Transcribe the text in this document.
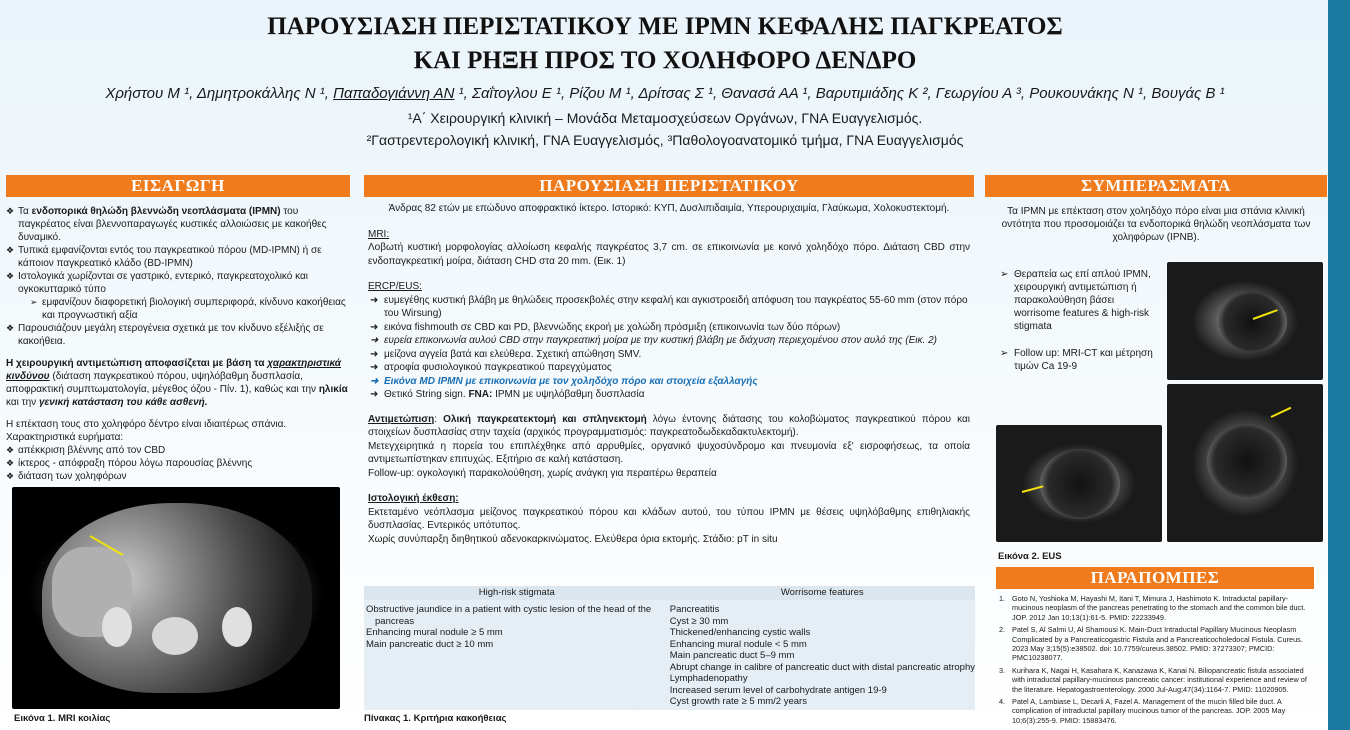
ΠΑΡΟΥΣΙΑΣΗ ΠΕΡΙΣΤΑΤΙΚΟΥ ΜΕ IPMN ΚΕΦΑΛΗΣ ΠΑΓΚΡΕΑΤΟΣ
ΚΑΙ ΡΗΞΗ ΠΡΟΣ ΤΟ ΧΟΛΗΦΟΡΟ ΔΕΝΔΡΟ
Χρήστου Μ ¹, Δημητροκάλλης Ν ¹, Παπαδογιάννη ΑΝ ¹, Σαΐτογλου Ε ¹, Ρίζου Μ ¹, Δρίτσας Σ ¹, Θανασά ΑΑ ¹, Βαρυτιμιάδης Κ ², Γεωργίου Α ³, Ρουκουνάκης Ν ¹, Βουγάς Β ¹
¹Α΄ Χειρουργική κλινική – Μονάδα Μεταμοσχεύσεων Οργάνων, ΓΝΑ Ευαγγελισμός.
²Γαστρεντερολογική κλινική, ΓΝΑ Ευαγγελισμός, ³Παθολογοανατομικό τμήμα, ΓΝΑ Ευαγγελισμός
ΕΙΣΑΓΩΓΗ
❖ Τα ενδοπορικά θηλώδη βλεννώδη νεοπλάσματα (IPMN) του παγκρέατος είναι βλεννοπαραγωγές κυστικές αλλοιώσεις με κακοήθες δυναμικό.
❖ Τυπικά εμφανίζονται εντός του παγκρεατικού πόρου (MD-IPMN) ή σε κάποιον παγκρεατικό κλάδο (BD-IPMN)
❖ Ιστολογικά χωρίζονται σε γαστρικό, εντερικό, παγκρεατοχολικό και ογκοκυτταρικό τύπο
➢ εμφανίζουν διαφορετική βιολογική συμπεριφορά, κίνδυνο κακοήθειας και προγνωστική αξία
❖ Παρουσιάζουν μεγάλη ετερογένεια σχετικά με τον κίνδυνο εξέλιξής σε κακοήθεια.

Η χειρουργική αντιμετώπιση αποφασίζεται με βάση τα χαρακτηριστικά κινδύνου (διάταση παγκρεατικού πόρου, υψηλόβαθμη δυσπλασία, αποφρακτική συμπτωματολογία, μέγεθος όζου - Πίν. 1), καθώς και την ηλικία και την γενική κατάσταση του κάθε ασθενή.

Η επέκταση τους στο χοληφόρο δέντρο είναι ιδιαιτέρως σπάνια.

Χαρακτηριστικά ευρήματα:

❖ απέκκριση βλέννης από τον CBD
❖ ίκτερος - απόφραξη πόρου λόγω παρουσίας βλέννης
❖ διάταση των χοληφόρων
Εικόνα 1. MRI κοιλίας
ΠΑΡΟΥΣΙΑΣΗ ΠΕΡΙΣΤΑΤΙΚΟΥ

Άνδρας 82 ετών με επώδυνο αποφρακτικό ίκτερο. Ιστορικό: ΚΥΠ, Δυσλιπιδαιμία, Υπερουριχαιμία, Γλαύκωμα, Χολοκυστεκτομή.

MRI:

Λοβωτή κυστική μορφολογίας αλλοίωση κεφαλής παγκρέατος 3,7 cm. σε επικοινωνία με κοινό χοληδόχο πόρο. Διάταση CBD στην ενδοπαγκρεατική μοίρα, διάταση CHD στα 20 mm. (Εικ. 1)

ERCP/EUS:

➜ ευμεγέθης κυστική βλάβη με θηλώδεις προσεκβολές στην κεφαλή και αγκιστροειδή απόφυση του παγκρέατος 55-60 mm (στον πόρο του Wirsung)
➜ εικόνα fishmouth σε CBD και PD, βλεννώδης εκροή με χολώδη πρόσμιξη (επικοινωνία των δύο πόρων)
➜ ευρεία επικοινωνία αυλού CBD στην παγκρεατική μοίρα με την κυστική βλάβη με διάχυση περιεχομένου στον αυλό της (Εικ. 2)
➜ μείζονα αγγεία βατά και ελεύθερα. Σχετική απώθηση SMV.
➜ ατροφία φυσιολογικού παγκρεατικού παρεγχύματος
➜ Εικόνα MD IPMN με επικοινωνία με τον χοληδόχο πόρο και στοιχεία εξαλλαγής
➜ Θετικό String sign. FNA: IPMN με υψηλόβαθμη δυσπλασία

Αντιμετώπιση: Ολική παγκρεατεκτομή και σπληνεκτομή λόγω έντονης διάτασης του κολοβώματος παγκρεατικού πόρου και στοιχείων δυσπλασίας στην ταχεία (αρχικός προγραμματισμός: παγκρεατοδωδεκαδακτυλεκτομή).

Μετεγχειρητικά η πορεία του επιπλέχθηκε από αρρυθμίες, οργανικό ψυχοσύνδρομο και πνευμονία εξ' εισροφήσεως, τα οποία αντιμετωπίστηκαν επιτυχώς. Εξιτήριο σε καλή κατάσταση.

Follow-up: ογκολογική παρακολούθηση, χωρίς ανάγκη για περαιτέρω θεραπεία

Ιστολογική έκθεση:

Εκτεταμένο νεόπλασμα μείζονος παγκρεατικού πόρου και κλάδων αυτού, του τύπου IPMN με θέσεις υψηλόβαθμης επιθηλιακής δυσπλασίας. Εντερικός υπότυπος.

Χωρίς συνύπαρξη διηθητικού αδενοκαρκινώματος. Ελεύθερα όρια εκτομής. Στάδιο: pT in situ

High-risk stigmata	Worrisome features
Obstructive jaundice in a patient with cystic lesion of the head of the
pancreas
Enhancing mural nodule ≥ 5 mm
Main pancreatic duct ≥ 10 mm
Pancreatitis
Cyst ≥ 30 mm
Thickened/enhancing cystic walls
Enhancing mural nodule < 5 mm
Main pancreatic duct 5–9 mm
Abrupt change in calibre of pancreatic duct with distal pancreatic atrophy
Lymphadenopathy
Increased serum level of carbohydrate antigen 19-9
Cyst growth rate ≥ 5 mm/2 years
Πίνακας 1. Κριτήρια κακοήθειας
ΣΥΜΠΕΡΑΣΜΑΤΑ

Τα IPMN με επέκταση στον χοληδόχο πόρο είναι μια σπάνια κλινική οντότητα που προσομοιάζει τα ενδοπορικά θηλώδη νεοπλάσματα των χοληφόρων (IPNB).

➢ Θεραπεία ως επί απλού IPMN, χειρουργική αντιμετώπιση ή παρακολούθηση βάσει worrisome features & high-risk stigmata
➢ Follow up: MRI-CT και μέτρηση τιμών Ca 19-9
Εικόνα 2. EUS
ΠΑΡΑΠΟΜΠΕΣ
1. Goto N, Yoshioka M, Hayashi M, Itani T, Mimura J, Hashimoto K. Intraductal papillary-mucinous neoplasm of the pancreas penetrating to the stomach and the common bile duct. JOP. 2012 Jan 10;13(1):61-5. PMID: 22233949.
2. Patel S, Al Salmi U, Al Shamousi K. Main-Duct Intraductal Papillary Mucinous Neoplasm Complicated by a Pancreaticogastric Fistula and a Pancreaticocholedocal Fistula. Cureus. 2023 May 3;15(5):e38502. doi: 10.7759/cureus.38502. PMID: 37273307; PMCID: PMC10238077.
3. Kurihara K, Nagai H, Kasahara K, Kanazawa K, Kanai N. Biliopancreatic fistula associated with intraductal papillary-mucinous pancreatic cancer: institutional experience and review of the literature. Hepatogastroenterology. 2000 Jul-Aug;47(34):1164-7. PMID: 11020905.
4. Patel A, Lambiase L, Decarli A, Fazel A. Management of the mucin filled bile duct. A complication of intraductal papillary mucinous tumor of the pancreas. JOP. 2005 May 10;6(3):255-9. PMID: 15883476.
